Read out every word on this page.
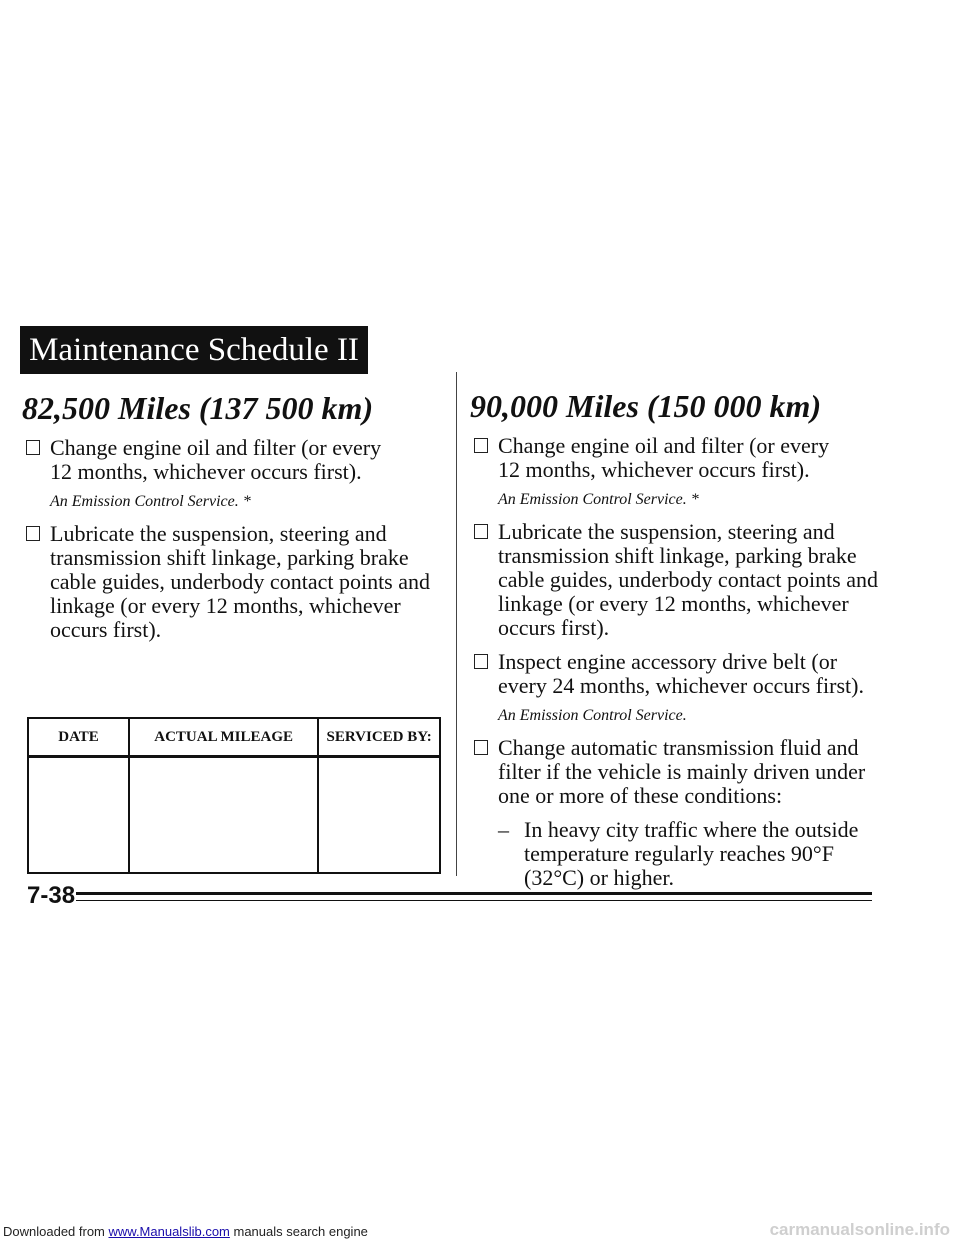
Maintenance Schedule II
82,500 Miles (137 500 km)
Change engine oil and filter (or every
12 months, whichever occurs first).
An Emission Control Service. *
Lubricate the suspension, steering and
transmission shift linkage, parking brake
cable guides, underbody contact points and
linkage (or every 12 months, whichever
occurs first).
DATE	ACTUAL MILEAGE	SERVICED BY:

90,000 Miles (150 000 km)
Change engine oil and filter (or every
12 months, whichever occurs first).
An Emission Control Service. *
Lubricate the suspension, steering and
transmission shift linkage, parking brake
cable guides, underbody contact points and
linkage (or every 12 months, whichever
occurs first).
Inspect engine accessory drive belt (or
every 24 months, whichever occurs first).
An Emission Control Service.
Change automatic transmission fluid and
filter if the vehicle is mainly driven under
one or more of these conditions:
– In heavy city traffic where the outside
temperature regularly reaches 90°F
(32°C) or higher.
7-38
Downloaded from www.Manualslib.com manuals search engine	carmanualsonline.info
